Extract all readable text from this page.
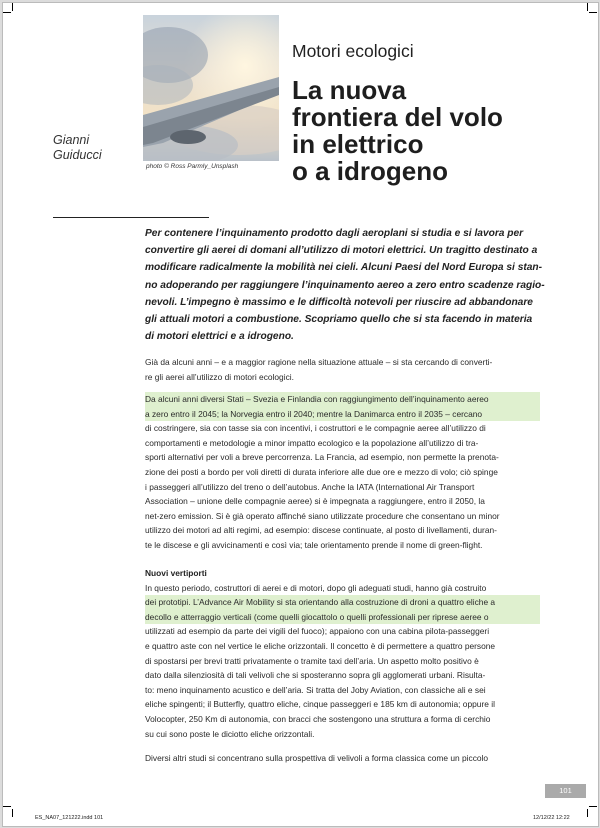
photo © Ross Parmly_Unsplash
Motori ecologici
La nuova
frontiera del volo
in elettrico
o a idrogeno
Gianni
Guiducci
Per contenere l’inquinamento prodotto dagli aeroplani si studia e si lavora per
convertire gli aerei di domani all’utilizzo di motori elettrici. Un tragitto destinato a
modificare radicalmente la mobilità nei cieli. Alcuni Paesi del Nord Europa si stan-
no adoperando per raggiungere l’inquinamento aereo a zero entro scadenze ragio-
nevoli. L’impegno è massimo e le difficoltà notevoli per riuscire ad abbandonare
gli attuali motori a combustione. Scopriamo quello che si sta facendo in materia
di motori elettrici e a idrogeno.
Già da alcuni anni – e a maggior ragione nella situazione attuale – si sta cercando di converti-
re gli aerei all’utilizzo di motori ecologici.
Da alcuni anni diversi Stati – Svezia e Finlandia con raggiungimento dell’inquinamento aereo
a zero entro il 2045; la Norvegia entro il 2040; mentre la Danimarca entro il 2035 – cercano
di costringere, sia con tasse sia con incentivi, i costruttori e le compagnie aeree all’utilizzo di
comportamenti e metodologie a minor impatto ecologico e la popolazione all’utilizzo di tra-
sporti alternativi per voli a breve percorrenza. La Francia, ad esempio, non permette la prenota-
zione dei posti a bordo per voli diretti di durata inferiore alle due ore e mezzo di volo; ciò spinge
i passeggeri all’utilizzo del treno o dell’autobus. Anche la IATA (International Air Transport
Association – unione delle compagnie aeree) si è impegnata a raggiungere, entro il 2050, la
net-zero emission. Si è già operato affinché siano utilizzate procedure che consentano un minor
utilizzo dei motori ad alti regimi, ad esempio: discese continuate, al posto di livellamenti, duran-
te le discese e gli avvicinamenti e così via; tale orientamento prende il nome di green-flight.
Nuovi vertiporti
In questo periodo, costruttori di aerei e di motori, dopo gli adeguati studi, hanno già costruito
dei prototipi. L’Advance Air Mobility si sta orientando alla costruzione di droni a quattro eliche a
decollo e atterraggio verticali (come quelli giocattolo o quelli professionali per riprese aeree o
utilizzati ad esempio da parte dei vigili del fuoco); appaiono con una cabina pilota-passeggeri
e quattro aste con nel vertice le eliche orizzontali. Il concetto è di permettere a quattro persone
di spostarsi per brevi tratti privatamente o tramite taxi dell’aria. Un aspetto molto positivo è
dato dalla silenziosità di tali velivoli che si sposteranno sopra gli agglomerati urbani. Risulta-
to: meno inquinamento acustico e dell’aria. Si tratta del Joby Aviation, con classiche ali e sei
eliche spingenti; il Butterfly, quattro eliche, cinque passeggeri e 185 km di autonomia; oppure il
Volocopter, 250 Km di autonomia, con bracci che sostengono una struttura a forma di cerchio
su cui sono poste le diciotto eliche orizzontali.
Diversi altri studi si concentrano sulla prospettiva di velivoli a forma classica come un piccolo
101
ES_NA07_121222.indd 101	12/12/22 12:22
